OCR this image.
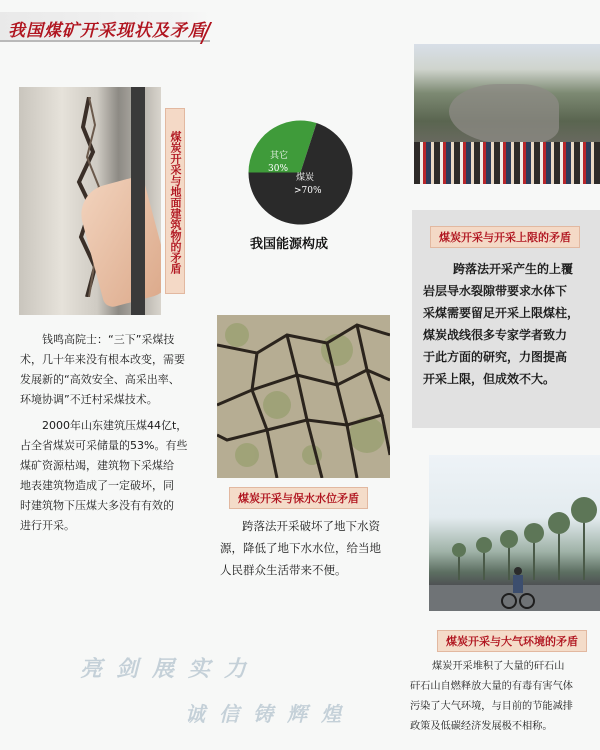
我国煤矿开采现状及矛盾
煤炭开采与地面建筑物的矛盾	其它
30%
煤炭
>70%
我国能源构成	煤炭开采与开采上限的矛盾
跨落法开采产生的上覆
岩层导水裂隙带要求水体下
采煤需要留足开采上限煤柱，
煤炭战线很多专家学者致力
于此方面的研究，力图提高
开采上限，但成效不大。
钱鸣高院士：“三下”采煤技
术，几十年来没有根本改变，需要
发展新的“高效安全、高采出率、
环境协调”不迁村采煤技术。
2000年山东建筑压煤44亿t，
占全省煤炭可采储量的53%。有些
煤矿资源枯竭，建筑物下采煤给
地表建筑物造成了一定破坏，同
时建筑物下压煤大多没有有效的
进行开采。
煤炭开采与保水水位矛盾
跨落法开采破坏了地下水资
源，降低了地下水水位，给当地
人民群众生活带来不便。
煤炭开采与大气环境的矛盾
煤炭开采堆积了大量的矸石山
矸石山自燃释放大量的有毒有害气体
污染了大气环境，与目前的节能减排
政策及低碳经济发展极不相称。
亮剑展实力
诚信铸辉煌
